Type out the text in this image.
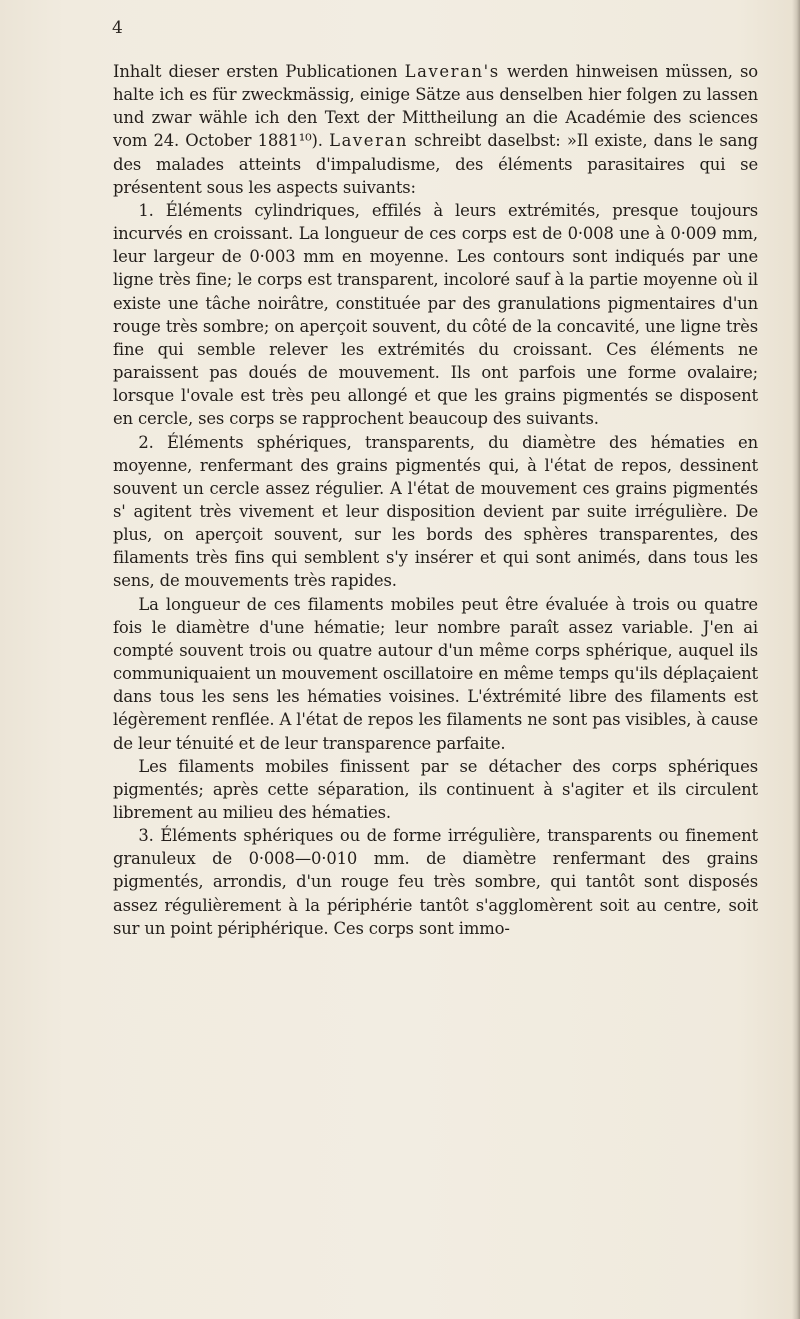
4

Inhalt dieser ersten Publicationen Laveran's werden hinweisen müssen, so halte ich es für zweckmässig, einige Sätze aus denselben hier folgen zu lassen und zwar wähle ich den Text der Mittheilung an die Académie des sciences vom 24. October 1881¹⁰). Laveran schreibt daselbst: »Il existe, dans le sang des malades atteints d'impaludisme, des éléments parasitaires qui se présentent sous les aspects suivants:

1. Éléments cylindriques, effilés à leurs extrémités, presque toujours incurvés en croissant. La longueur de ces corps est de 0·008 une à 0·009 mm, leur largeur de 0·003 mm en moyenne. Les contours sont indiqués par une ligne très fine; le corps est transparent, incoloré sauf à la partie moyenne où il existe une tâche noirâtre, constituée par des granulations pigmentaires d'un rouge très sombre; on aperçoit souvent, du côté de la concavité, une ligne très fine qui semble relever les extrémités du croissant. Ces éléments ne paraissent pas doués de mouvement. Ils ont parfois une forme ovalaire; lorsque l'ovale est très peu allongé et que les grains pigmentés se disposent en cercle, ses corps se rapprochent beaucoup des suivants.

2. Éléments sphériques, transparents, du diamètre des hématies en moyenne, renfermant des grains pigmentés qui, à l'état de repos, dessinent souvent un cercle assez régulier. A l'état de mouvement ces grains pigmentés s' agitent très vivement et leur disposition devient par suite irrégulière. De plus, on aperçoit souvent, sur les bords des sphères transparentes, des filaments très fins qui semblent s'y insérer et qui sont animés, dans tous les sens, de mouvements très rapides.

La longueur de ces filaments mobiles peut être évaluée à trois ou quatre fois le diamètre d'une hématie; leur nombre paraît assez variable. J'en ai compté souvent trois ou quatre autour d'un même corps sphérique, auquel ils communiquaient un mouvement oscillatoire en même temps qu'ils déplaçaient dans tous les sens les hématies voisines. L'éxtrémité libre des filaments est légèrement renflée. A l'état de repos les filaments ne sont pas visibles, à cause de leur ténuité et de leur transparence parfaite.

Les filaments mobiles finissent par se détacher des corps sphériques pigmentés; après cette séparation, ils continuent à s'agiter et ils circulent librement au milieu des hématies.

3. Éléments sphériques ou de forme irrégulière, transparents ou finement granuleux de 0·008—0·010 mm. de diamètre renfermant des grains pigmentés, arrondis, d'un rouge feu très sombre, qui tantôt sont disposés assez régulièrement à la périphérie tantôt s'agglomèrent soit au centre, soit sur un point périphérique. Ces corps sont immo-
